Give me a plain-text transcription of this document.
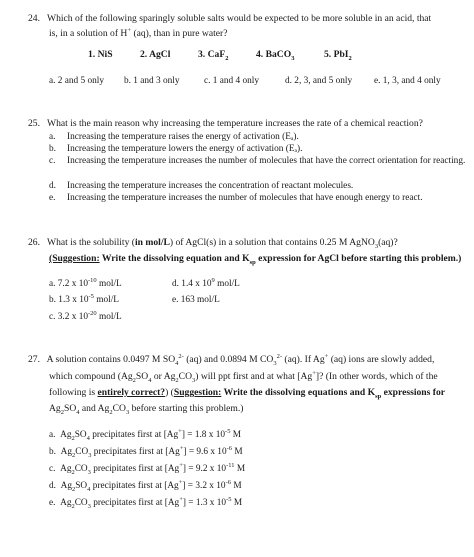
24. Which of the following sparingly soluble salts would be expected to be more soluble in an acid, that
is, in a solution of H+ (aq), than in pure water?
1. NiS	2. AgCl	3. CaF$_2$	4. BaCO$_3$	5. PbI$_2$
a. 2 and 5 only b. 1 and 3 only	c. 1 and 4 only	d. 2, 3, and 5 only e. 1, 3, and 4 only
25. What is the main reason why increasing the temperature increases the rate of a chemical reaction?
a. Increasing the temperature raises the energy of activation (Eₐ).
b. Increasing the temperature lowers the energy of activation (Eₐ).
c. Increasing the temperature increases the number of molecules that have the correct orientation for reacting.
d. Increasing the temperature increases the concentration of reactant molecules.
e. Increasing the temperature increases the number of molecules that have enough energy to react.
26. What is the solubility (in mol/L) of AgCl(s) in a solution that contains 0.25 M AgNO$_3$(aq)?
(Suggestion: Write the dissolving equation and $K_{sp}$ expression for AgCl before starting this problem.)
a. 7.2 x $10^{-10}$ mol/L
b. 1.3 x $10^{-5}$ mol/L
c. 3.2 x $10^{-20}$ mol/L
d. 1.4 x $10^9$ mol/L
e. 163 mol/L
27. A solution contains 0.0497 M $SO_4^{2-}$ (aq) and 0.0894 M $CO_3^{2-}$ (aq). If Ag+ (aq) ions are slowly added,
which compound ($Ag_2SO_4$ or $Ag_2CO_3$) will ppt first and at what [Ag+]? (In other words, which of the
following is entirely correct?) (Suggestion: Write the dissolving equations and $K_{sp}$ expressions for
$Ag_2SO_4$ and $Ag_2CO_3$ before starting this problem.)
a. $Ag_2SO_4$ precipitates first at [Ag+] = 1.8 x $10^{-5}$ M
b. $Ag_2CO_3$ precipitates first at [Ag+] = 9.6 x $10^{-6}$ M
c. $Ag_2CO_3$ precipitates first at [Ag+] = 9.2 x $10^{-11}$ M
d. $Ag_2SO_4$ precipitates first at [Ag+] = 3.2 x $10^{-6}$ M
e. $Ag_2CO_3$ precipitates first at [Ag+] = 1.3 x $10^{-5}$ M
